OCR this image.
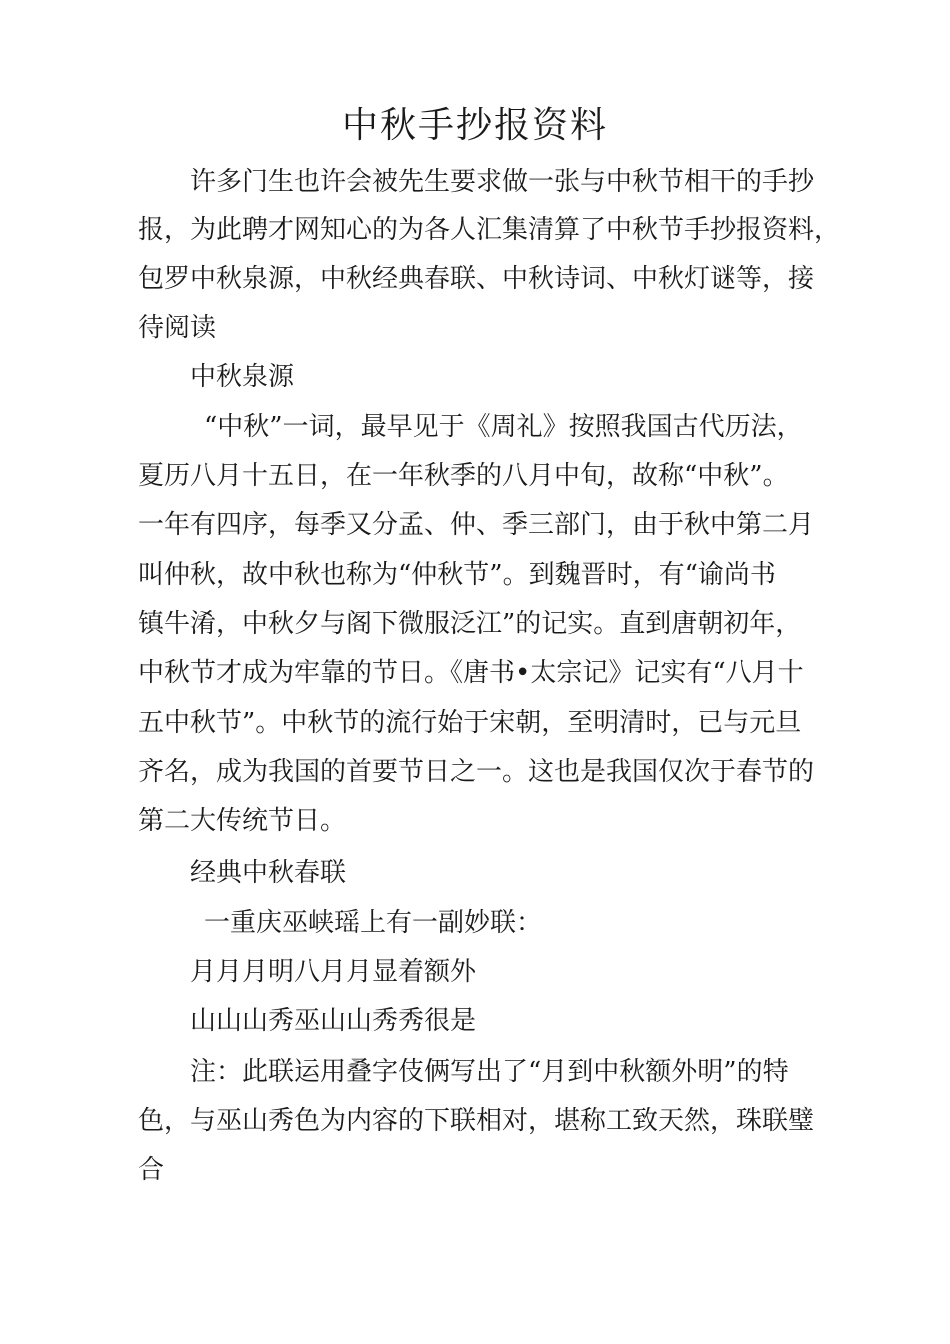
中秋手抄报资料

许多门生也许会被先生要求做一张与中秋节相干的手抄

报，为此聘才网知心的为各人汇集清算了中秋节手抄报资料，

包罗中秋泉源，中秋经典春联、中秋诗词、中秋灯谜等，接

待阅读

中秋泉源

“中秋”一词，最早见于《周礼》按照我国古代历法，

夏历八月十五日，在一年秋季的八月中旬，故称“中秋”。

一年有四序，每季又分孟、仲、季三部门，由于秋中第二月

叫仲秋，故中秋也称为“仲秋节”。到魏晋时，有“谕尚书

镇牛淆，中秋夕与阁下微服泛江”的记实。直到唐朝初年，

中秋节才成为牢靠的节日。《唐书•太宗记》记实有“八月十

五中秋节”。中秋节的流行始于宋朝，至明清时，已与元旦

齐名，成为我国的首要节日之一。这也是我国仅次于春节的

第二大传统节日。

经典中秋春联

一重庆巫峡瑶上有一副妙联：

月月月明八月月显着额外

山山山秀巫山山秀秀很是

注：此联运用叠字伎俩写出了“月到中秋额外明”的特

色，与巫山秀色为内容的下联相对，堪称工致天然，珠联璧

合
